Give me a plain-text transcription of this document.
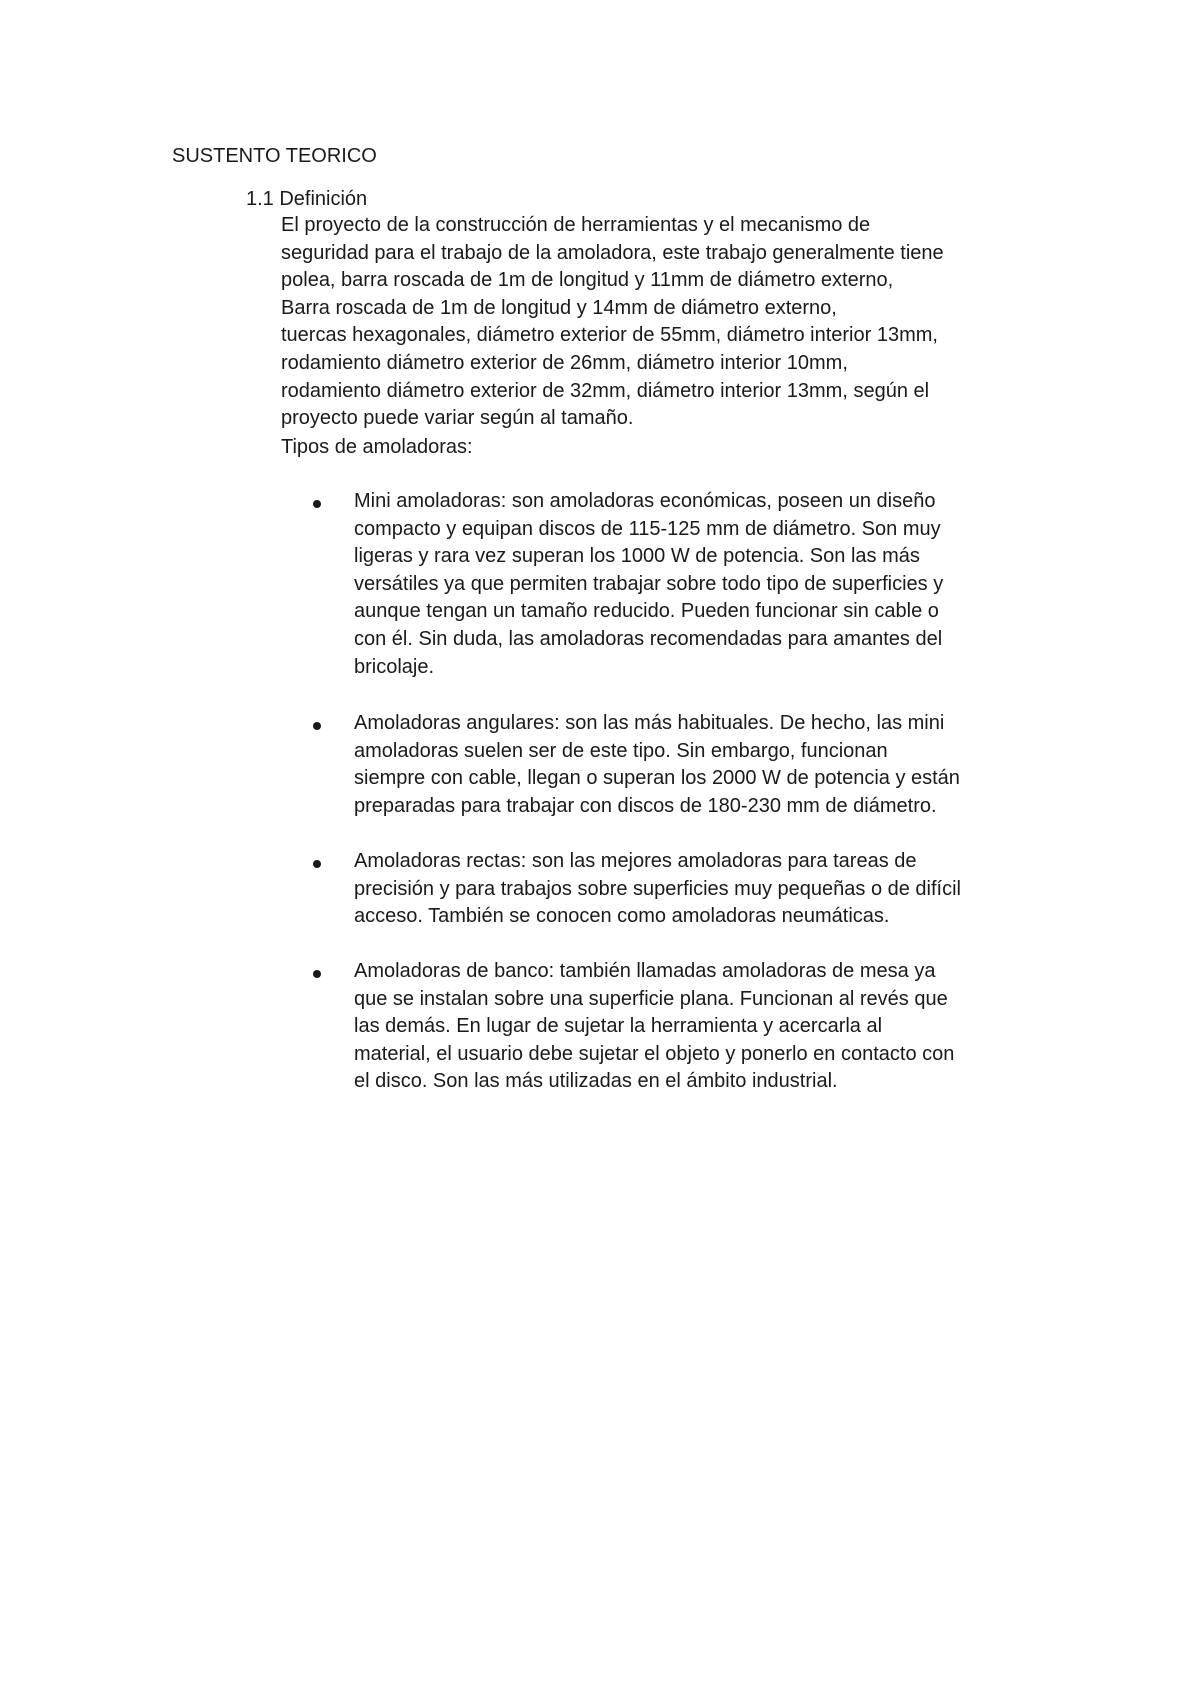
SUSTENTO TEORICO
1.1 Definición
El proyecto de la construcción de herramientas y el mecanismo de
seguridad para el trabajo de la amoladora, este trabajo generalmente tiene
polea, barra roscada de 1m de longitud y 11mm de diámetro externo,
Barra roscada de 1m de longitud y 14mm de diámetro externo,
tuercas hexagonales, diámetro exterior de 55mm, diámetro interior 13mm,
rodamiento diámetro exterior de 26mm, diámetro interior 10mm,
rodamiento diámetro exterior de 32mm, diámetro interior 13mm, según el
proyecto puede variar según al tamaño.
Tipos de amoladoras:
Mini amoladoras: son amoladoras económicas, poseen un diseño
compacto y equipan discos de 115-125 mm de diámetro. Son muy
ligeras y rara vez superan los 1000 W de potencia. Son las más
versátiles ya que permiten trabajar sobre todo tipo de superficies y
aunque tengan un tamaño reducido. Pueden funcionar sin cable o
con él. Sin duda, las amoladoras recomendadas para amantes del
bricolaje.
Amoladoras angulares: son las más habituales. De hecho, las mini
amoladoras suelen ser de este tipo. Sin embargo, funcionan
siempre con cable, llegan o superan los 2000 W de potencia y están
preparadas para trabajar con discos de 180-230 mm de diámetro.
Amoladoras rectas: son las mejores amoladoras para tareas de
precisión y para trabajos sobre superficies muy pequeñas o de difícil
acceso. También se conocen como amoladoras neumáticas.
Amoladoras de banco: también llamadas amoladoras de mesa ya
que se instalan sobre una superficie plana. Funcionan al revés que
las demás. En lugar de sujetar la herramienta y acercarla al
material, el usuario debe sujetar el objeto y ponerlo en contacto con
el disco. Son las más utilizadas en el ámbito industrial.
